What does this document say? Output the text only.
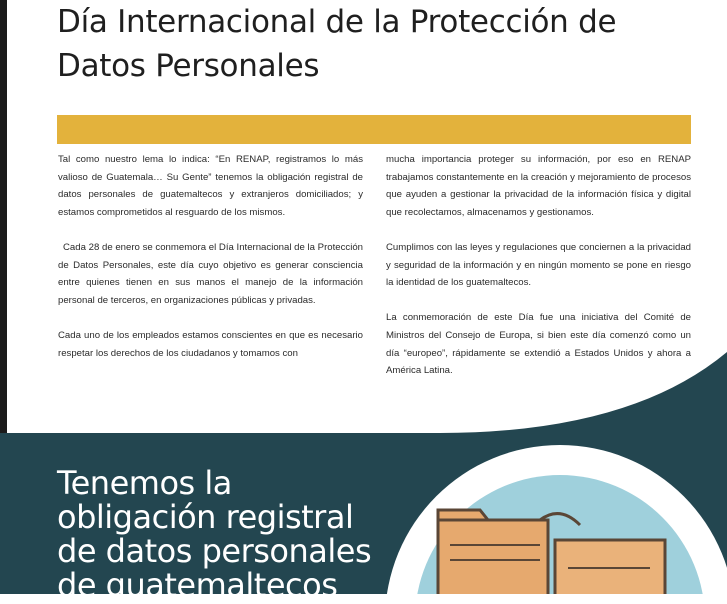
Día Internacional de la Protección de Datos Personales

Tal como nuestro lema lo indica: “En RENAP, registramos lo más valioso de Guatemala… Su Gente” tenemos la obligación registral de datos personales de guatemaltecos y extranjeros domiciliados; y estamos comprometidos al resguardo de los mismos.

Cada 28 de enero se conmemora el Día Internacional de la Protección de Datos Personales, este día cuyo objetivo es generar consciencia entre quienes tienen en sus manos el manejo de la información personal de terceros, en organizaciones públicas y privadas.

Cada uno de los empleados estamos conscientes en que es necesario respetar los derechos de los ciudadanos y tomamos con

mucha importancia proteger su información, por eso en RENAP trabajamos constantemente en la creación y mejoramiento de procesos que ayuden a gestionar la privacidad de la información física y digital que recolectamos, almacenamos y gestionamos.

Cumplimos con las leyes y regulaciones que conciernen a la privacidad y seguridad de la información y en ningún momento se pone en riesgo la identidad de los guatemaltecos.

La conmemoración de este Día fue una iniciativa del Comité de Ministros del Consejo de Europa, si bien este día comenzó como un día “europeo”, rápidamente se extendió a Estados Unidos y ahora a América Latina.

Tenemos la
obligación registral
de datos personales
de guatemaltecos
